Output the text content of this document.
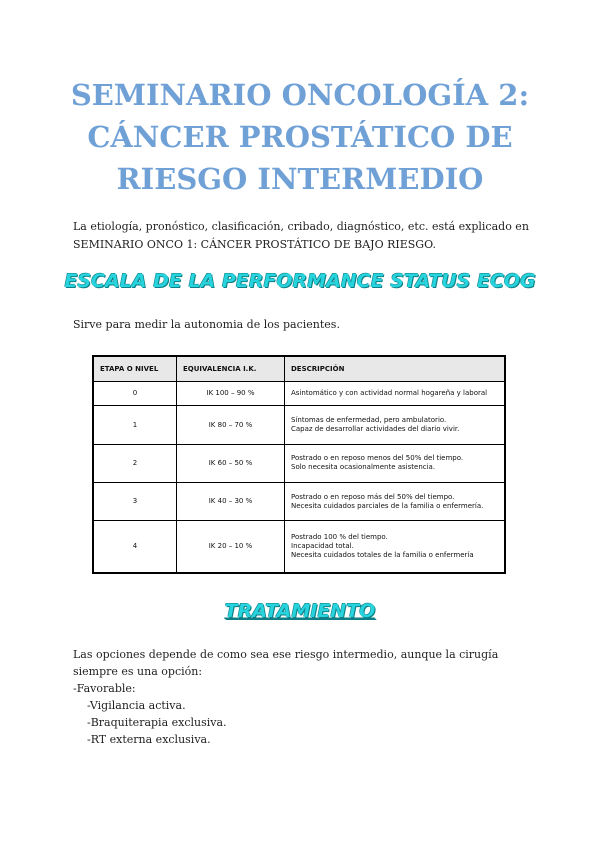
SEMINARIO ONCOLOGÍA 2:
CÁNCER PROSTÁTICO DE
RIESGO INTERMEDIO

La etiología, pronóstico, clasificación, cribado, diagnóstico, etc. está explicado en SEMINARIO ONCO 1: CÁNCER PROSTÁTICO DE BAJO RIESGO.

ESCALA DE LA PERFORMANCE STATUS ECOG

Sirve para medir la autonomia de los pacientes.

ETAPA O NIVEL	EQUIVALENCIA I.K.	DESCRIPCIÓN
0	IK 100 – 90 %	Asintomático y con actividad normal hogareña y laboral

1	IK 80 – 70 %	Síntomas de enfermedad, pero ambulatorio.
Capaz de desarrollar actividades del diario vivir.

2	IK 60 – 50 %	Postrado o en reposo menos del 50% del tiempo.
Solo necesita ocasionalmente asistencia.

3	IK 40 – 30 %	Postrado o en reposo más del 50% del tiempo.
Necesita cuidados parciales de la familia o enfermería.

4	IK 20 – 10 %	Postrado 100 % del tiempo.
Incapacidad total.
Necesita cuidados totales de la familia o enfermería
TRATAMIENTO

Las opciones depende de como sea ese riesgo intermedio, aunque la cirugía siempre es una opción:

-Favorable:

-Vigilancia activa.

-Braquiterapia exclusiva.

-RT externa exclusiva.
